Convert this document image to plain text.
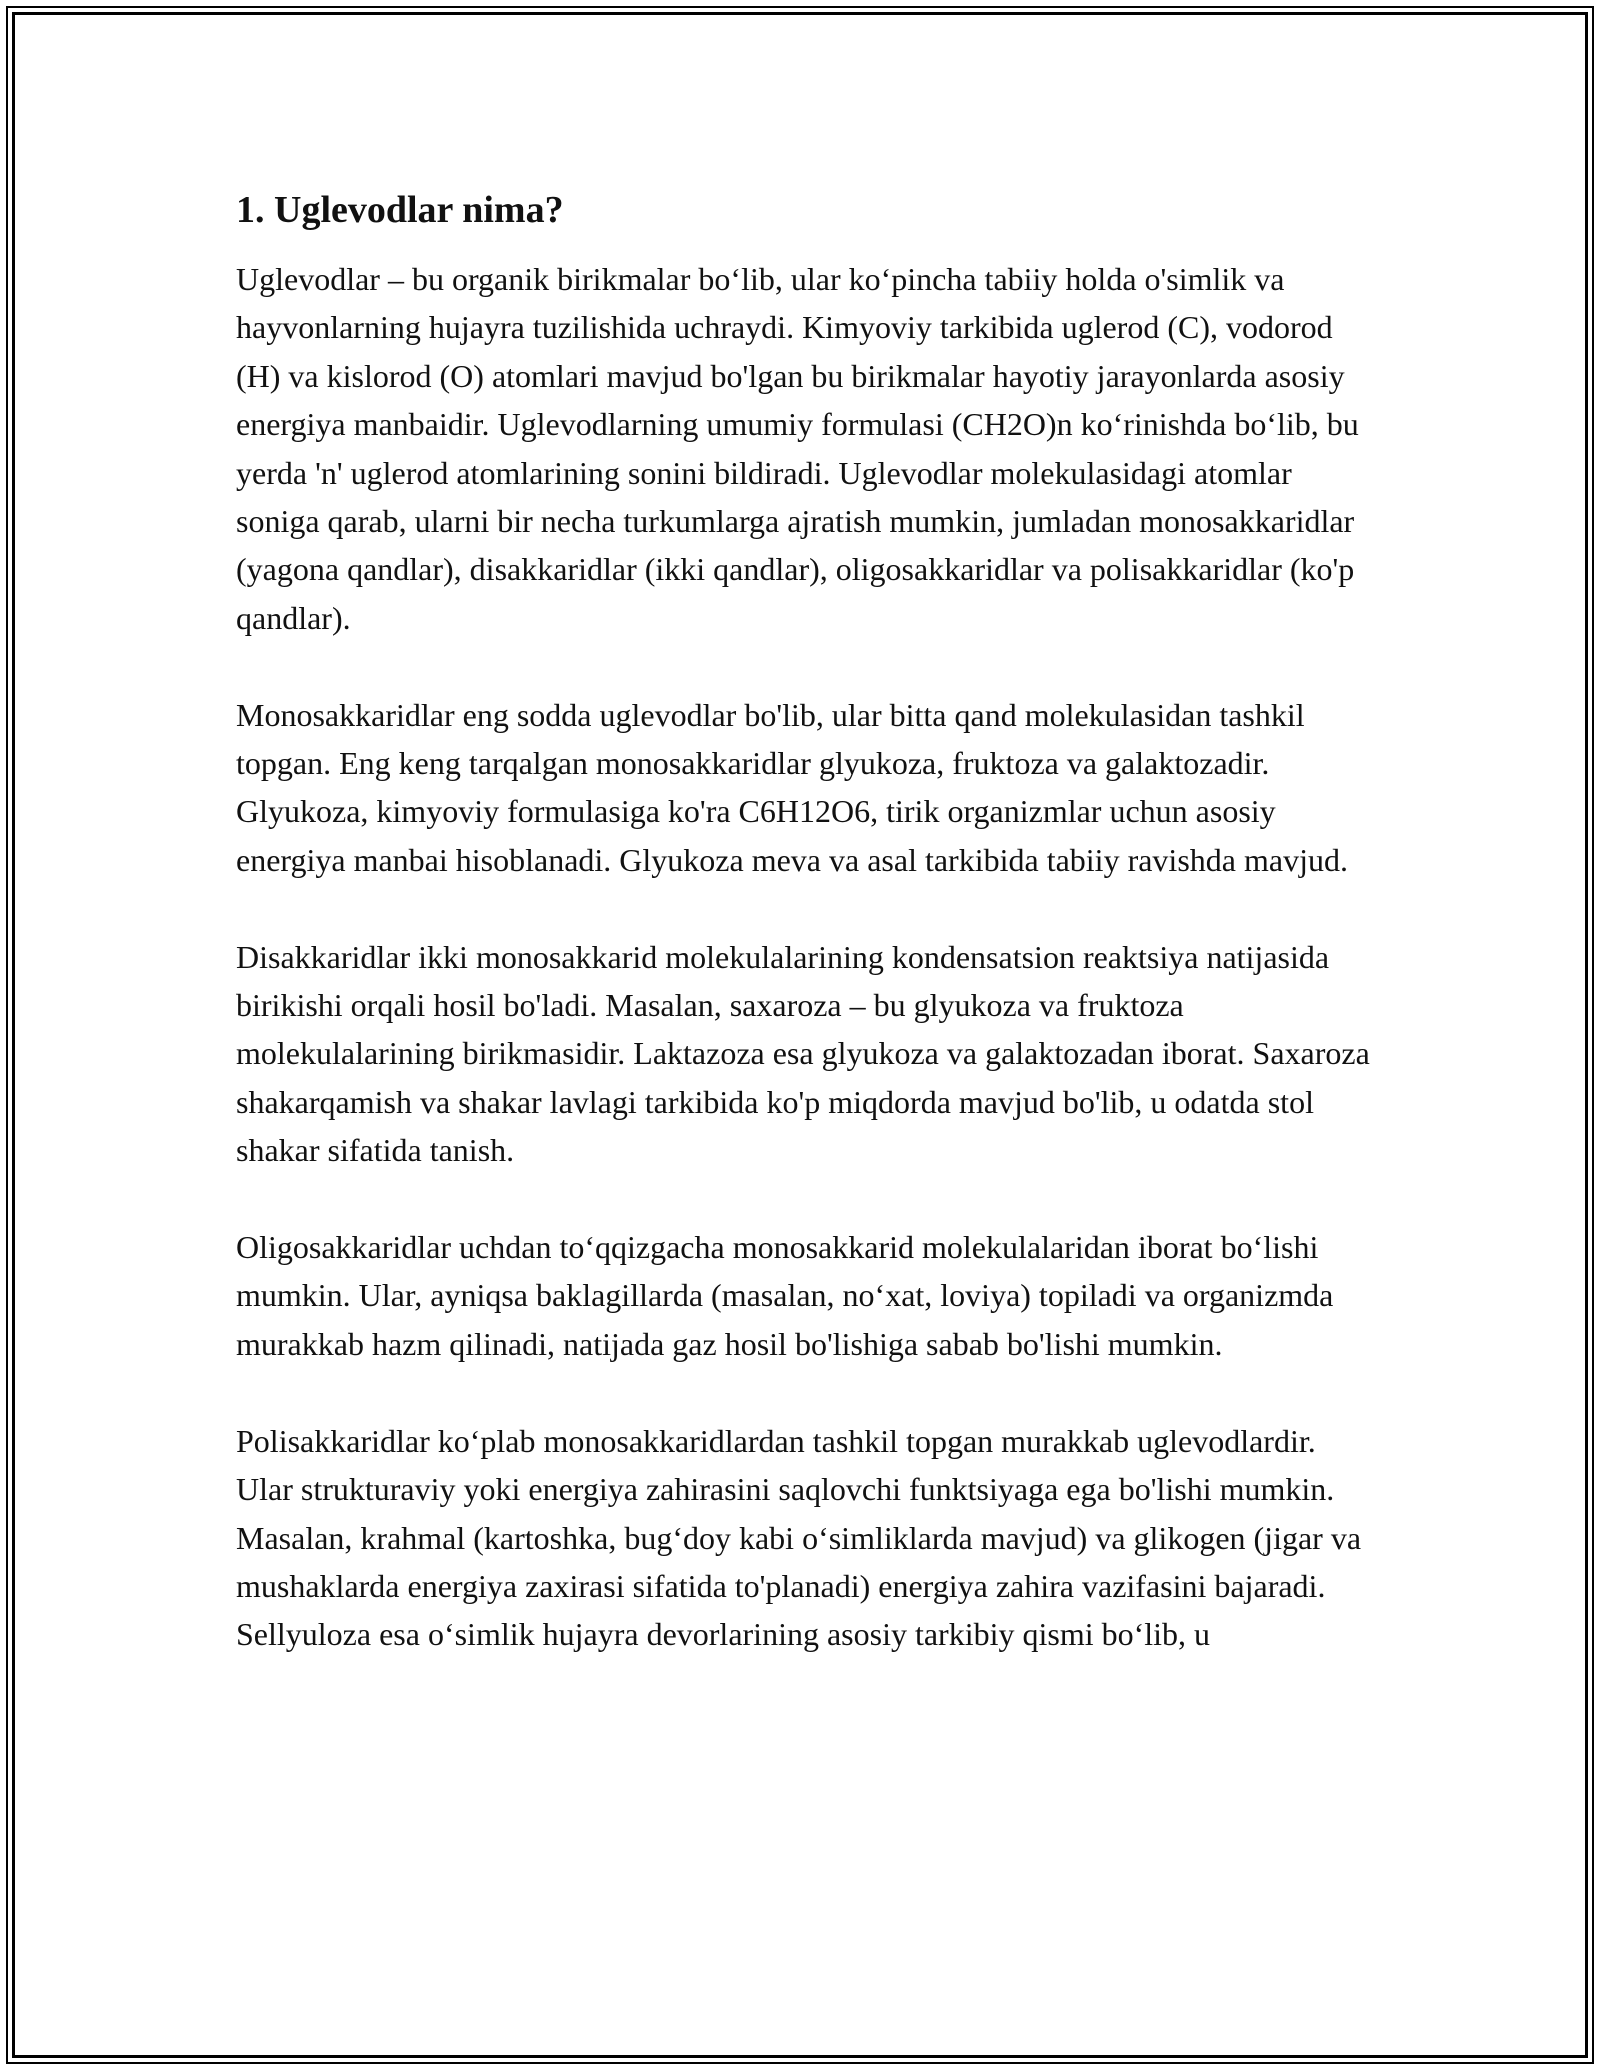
1. Uglevodlar nima?

Uglevodlar – bu organik birikmalar bo‘lib, ular ko‘pincha tabiiy holda o'simlik va hayvonlarning hujayra tuzilishida uchraydi. Kimyoviy tarkibida uglerod (C), vodorod (H) va kislorod (O) atomlari mavjud bo'lgan bu birikmalar hayotiy jarayonlarda asosiy energiya manbaidir. Uglevodlarning umumiy formulasi (CH2O)n ko‘rinishda bo‘lib, bu yerda 'n' uglerod atomlarining sonini bildiradi. Uglevodlar molekulasidagi atomlar soniga qarab, ularni bir necha turkumlarga ajratish mumkin, jumladan monosakkaridlar (yagona qandlar), disakkaridlar (ikki qandlar), oligosakkaridlar va polisakkaridlar (ko'p qandlar).

Monosakkaridlar eng sodda uglevodlar bo'lib, ular bitta qand molekulasidan tashkil topgan. Eng keng tarqalgan monosakkaridlar glyukoza, fruktoza va galaktozadir. Glyukoza, kimyoviy formulasiga ko'ra C6H12O6, tirik organizmlar uchun asosiy energiya manbai hisoblanadi. Glyukoza meva va asal tarkibida tabiiy ravishda mavjud.

Disakkaridlar ikki monosakkarid molekulalarining kondensatsion reaktsiya natijasida birikishi orqali hosil bo'ladi. Masalan, saxaroza – bu glyukoza va fruktoza molekulalarining birikmasidir. Laktazoza esa glyukoza va galaktozadan iborat. Saxaroza shakarqamish va shakar lavlagi tarkibida ko'p miqdorda mavjud bo'lib, u odatda stol shakar sifatida tanish.

Oligosakkaridlar uchdan to‘qqizgacha monosakkarid molekulalaridan iborat bo‘lishi mumkin. Ular, ayniqsa baklagillarda (masalan, no‘xat, loviya) topiladi va organizmda murakkab hazm qilinadi, natijada gaz hosil bo'lishiga sabab bo'lishi mumkin.

Polisakkaridlar ko‘plab monosakkaridlardan tashkil topgan murakkab uglevodlardir. Ular strukturaviy yoki energiya zahirasini saqlovchi funktsiyaga ega bo'lishi mumkin. Masalan, krahmal (kartoshka, bug‘doy kabi o‘simliklarda mavjud) va glikogen (jigar va mushaklarda energiya zaxirasi sifatida to'planadi) energiya zahira vazifasini bajaradi. Sellyuloza esa o‘simlik hujayra devorlarining asosiy tarkibiy qismi bo‘lib, u
